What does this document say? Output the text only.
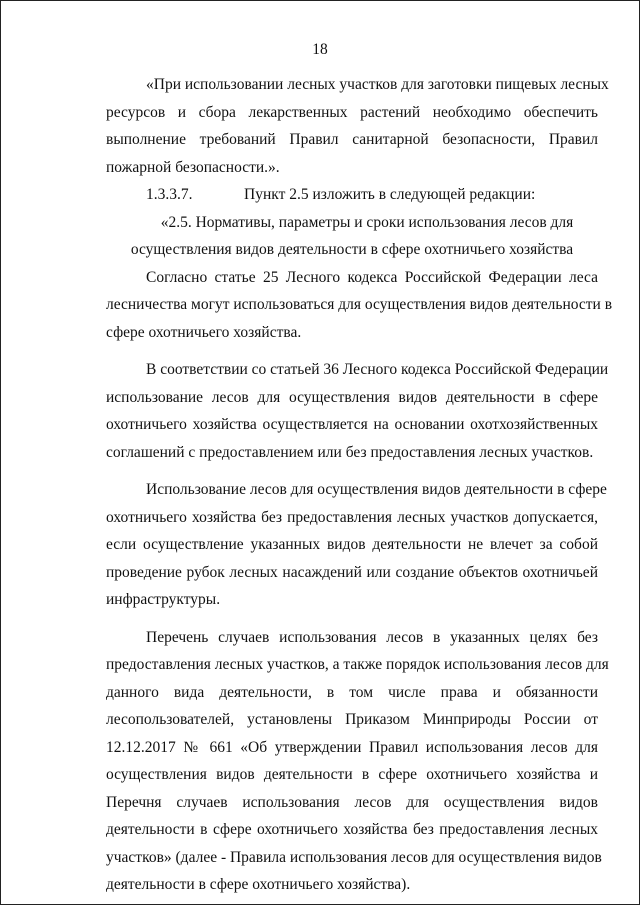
18
«При использовании лесных участков для заготовки пищевых лесных
ресурсов и сбора лекарственных растений необходимо обеспечить
выполнение требований Правил санитарной безопасности, Правил
пожарной безопасности.».
1.3.3.7.	Пункт 2.5 изложить в следующей редакции:
«2.5. Нормативы, параметры и сроки использования лесов для
осуществления видов деятельности в сфере охотничьего хозяйства
Согласно статье 25 Лесного кодекса Российской Федерации леса
лесничества могут использоваться для осуществления видов деятельности в
сфере охотничьего хозяйства.
В соответствии со статьей 36 Лесного кодекса Российской Федерации
использование лесов для осуществления видов деятельности в сфере
охотничьего хозяйства осуществляется на основании охотхозяйственных
соглашений с предоставлением или без предоставления лесных участков.
Использование лесов для осуществления видов деятельности в сфере
охотничьего хозяйства без предоставления лесных участков допускается,
если осуществление указанных видов деятельности не влечет за собой
проведение рубок лесных насаждений или создание объектов охотничьей
инфраструктуры.
Перечень случаев использования лесов в указанных целях без
предоставления лесных участков, а также порядок использования лесов для
данного вида деятельности, в том числе права и обязанности
лесопользователей, установлены Приказом Минприроды России от
12.12.2017 № 661 «Об утверждении Правил использования лесов для
осуществления видов деятельности в сфере охотничьего хозяйства и
Перечня случаев использования лесов для осуществления видов
деятельности в сфере охотничьего хозяйства без предоставления лесных
участков» (далее - Правила использования лесов для осуществления видов
деятельности в сфере охотничьего хозяйства).
